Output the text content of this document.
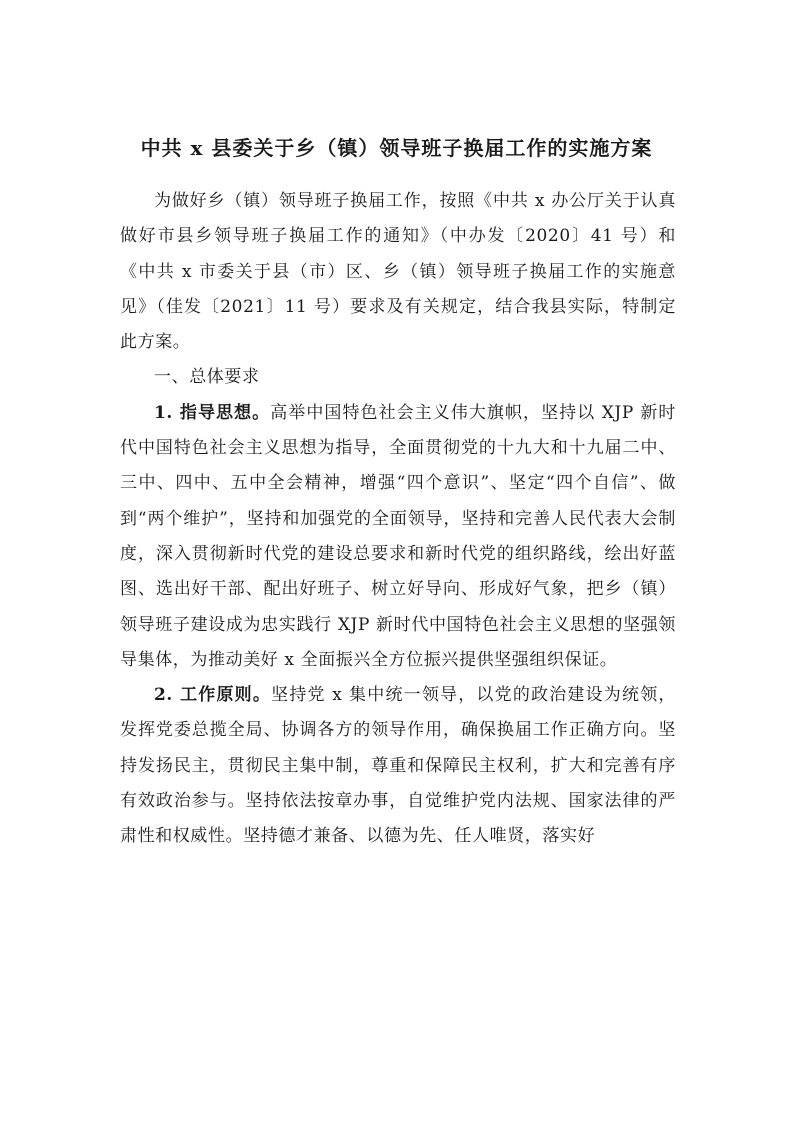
中共 x 县委关于乡（镇）领导班子换届工作的实施方案

为做好乡（镇）领导班子换届工作，按照《中共 x 办公厅关于认真做好市县乡领导班子换届工作的通知》（中办发〔2020〕41 号）和《中共 x 市委关于县（市）区、乡（镇）领导班子换届工作的实施意见》（佳发〔2021〕11 号）要求及有关规定，结合我县实际，特制定此方案。

一、总体要求

1. 指导思想。高举中国特色社会主义伟大旗帜，坚持以 XJP 新时代中国特色社会主义思想为指导，全面贯彻党的十九大和十九届二中、三中、四中、五中全会精神，增强“四个意识”、坚定“四个自信”、做到“两个维护”，坚持和加强党的全面领导，坚持和完善人民代表大会制度，深入贯彻新时代党的建设总要求和新时代党的组织路线，绘出好蓝图、选出好干部、配出好班子、树立好导向、形成好气象，把乡（镇）领导班子建设成为忠实践行 XJP 新时代中国特色社会主义思想的坚强领导集体，为推动美好 x 全面振兴全方位振兴提供坚强组织保证。

2. 工作原则。坚持党 x 集中统一领导，以党的政治建设为统领，发挥党委总揽全局、协调各方的领导作用，确保换届工作正确方向。坚持发扬民主，贯彻民主集中制，尊重和保障民主权利，扩大和完善有序有效政治参与。坚持依法按章办事，自觉维护党内法规、国家法律的严肃性和权威性。坚持德才兼备、以德为先、任人唯贤，落实好
